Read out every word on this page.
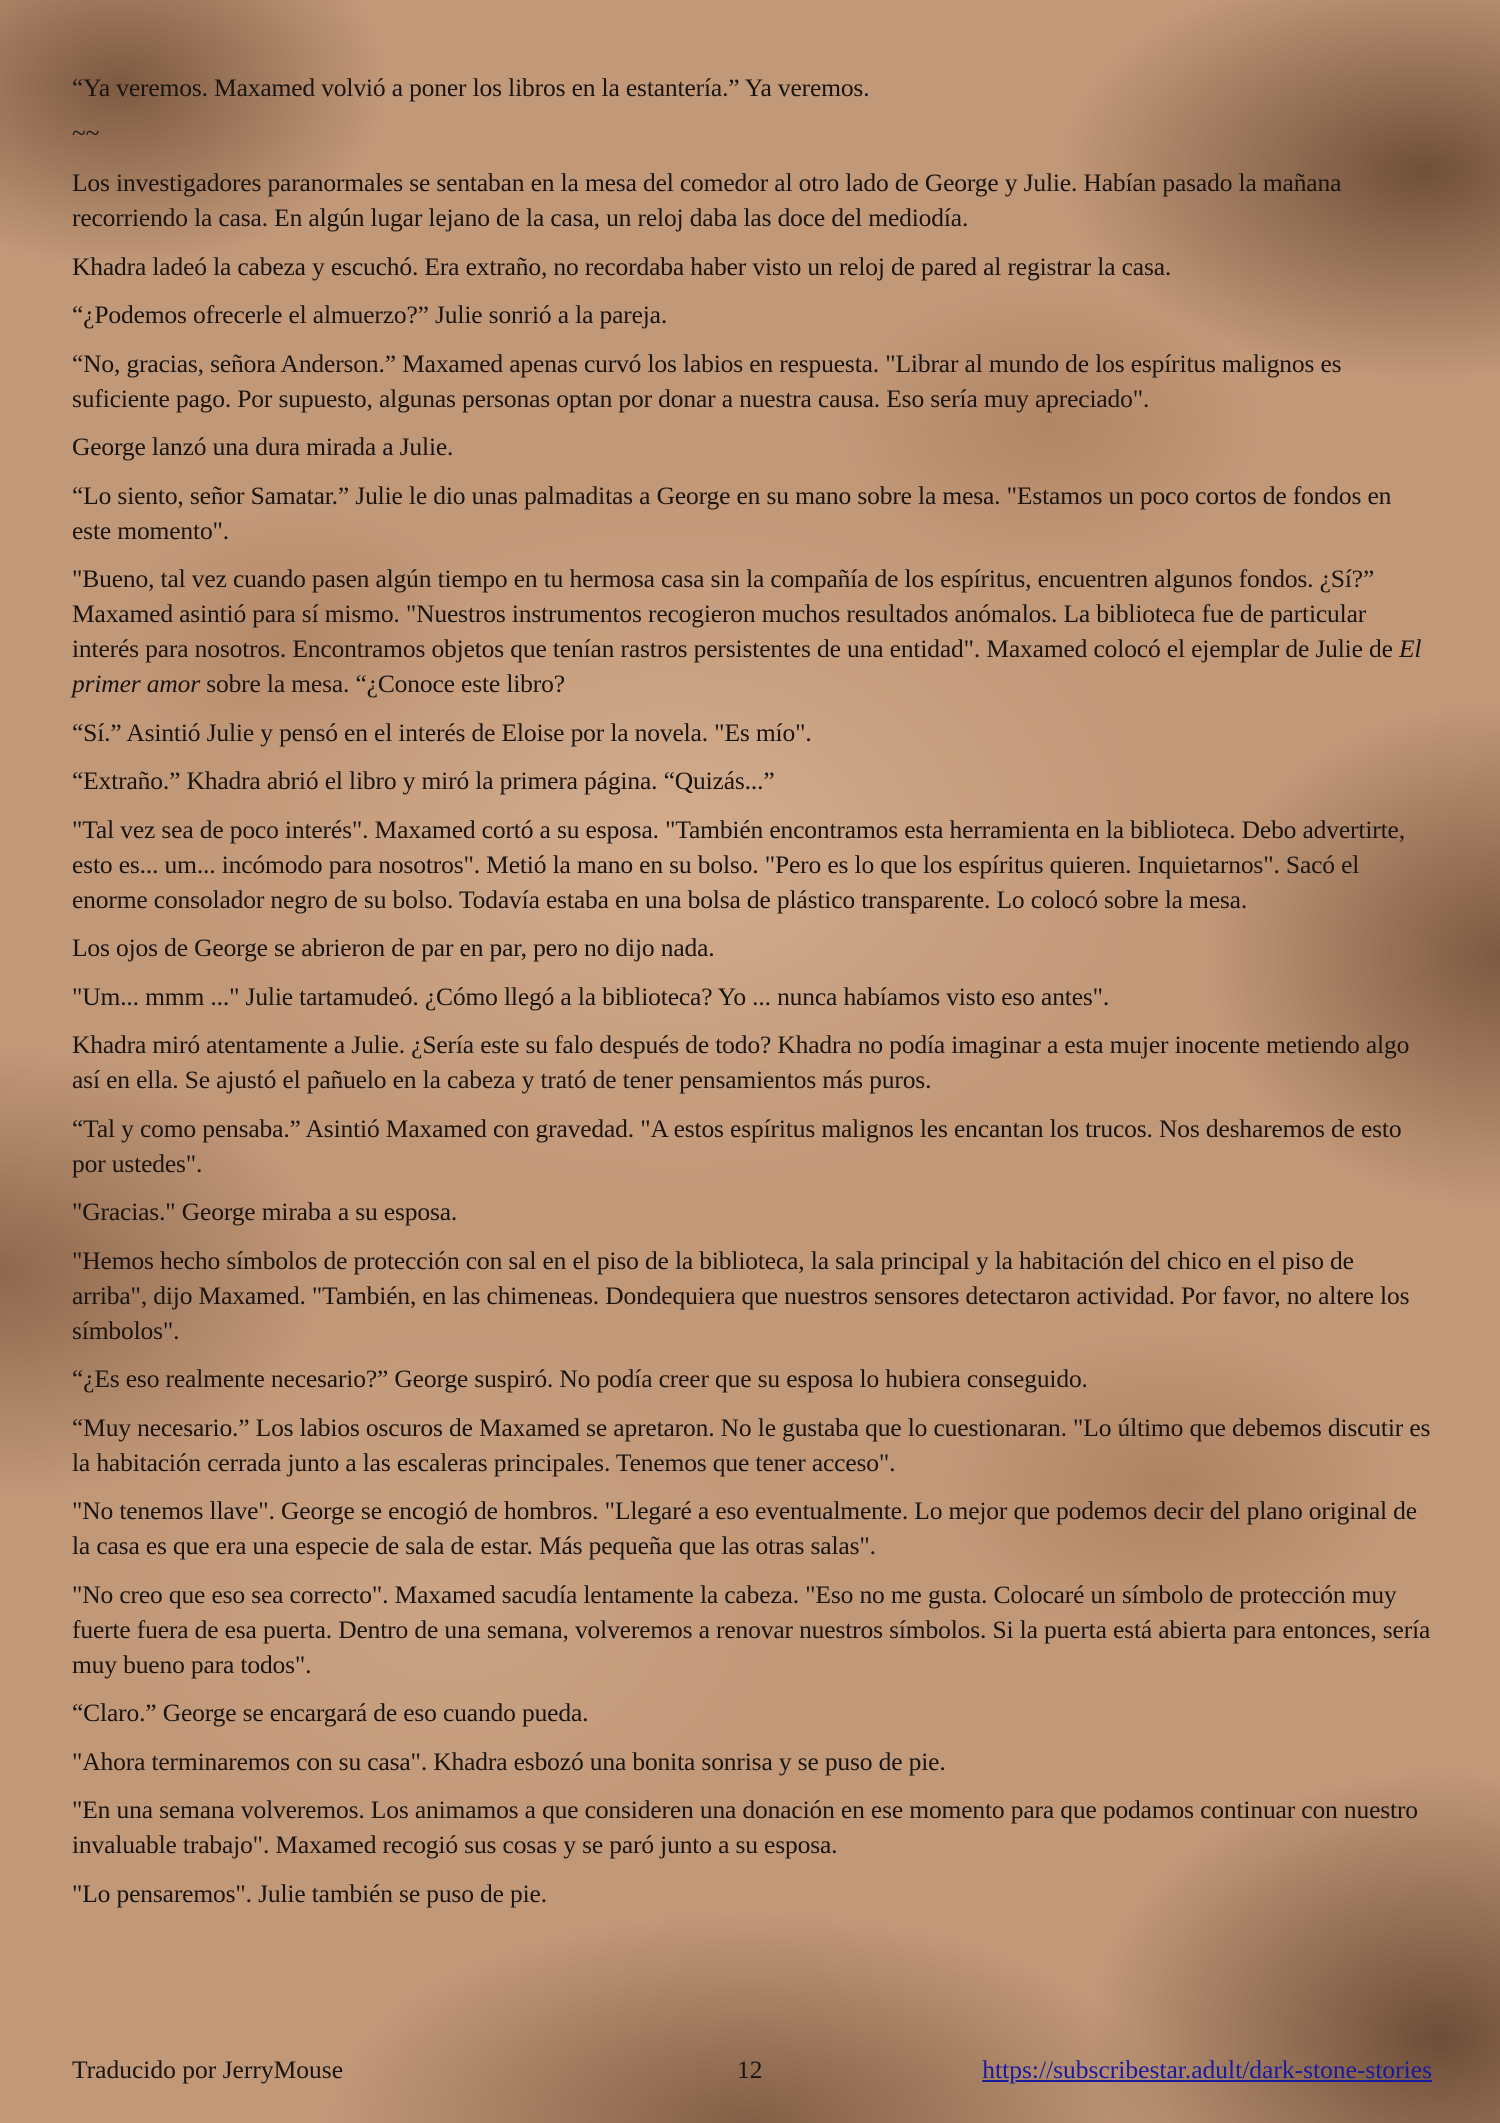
“Ya veremos. Maxamed volvió a poner los libros en la estantería.” Ya veremos.

~~

Los investigadores paranormales se sentaban en la mesa del comedor al otro lado de George y Julie. Habían pasado la mañana recorriendo la casa. En algún lugar lejano de la casa, un reloj daba las doce del mediodía.

Khadra ladeó la cabeza y escuchó. Era extraño, no recordaba haber visto un reloj de pared al registrar la casa.

“¿Podemos ofrecerle el almuerzo?” Julie sonrió a la pareja.

“No, gracias, señora Anderson.” Maxamed apenas curvó los labios en respuesta. "Librar al mundo de los espíritus malignos es suficiente pago. Por supuesto, algunas personas optan por donar a nuestra causa. Eso sería muy apreciado".

George lanzó una dura mirada a Julie.

“Lo siento, señor Samatar.” Julie le dio unas palmaditas a George en su mano sobre la mesa. "Estamos un poco cortos de fondos en este momento".

"Bueno, tal vez cuando pasen algún tiempo en tu hermosa casa sin la compañía de los espíritus, encuentren algunos fondos. ¿Sí?” Maxamed asintió para sí mismo. "Nuestros instrumentos recogieron muchos resultados anómalos. La biblioteca fue de particular interés para nosotros. Encontramos objetos que tenían rastros persistentes de una entidad". Maxamed colocó el ejemplar de Julie de El primer amor sobre la mesa. “¿Conoce este libro?

“Sí.” Asintió Julie y pensó en el interés de Eloise por la novela. "Es mío".

“Extraño.” Khadra abrió el libro y miró la primera página. “Quizás...”

"Tal vez sea de poco interés". Maxamed cortó a su esposa. "También encontramos esta herramienta en la biblioteca. Debo advertirte, esto es... um... incómodo para nosotros". Metió la mano en su bolso. "Pero es lo que los espíritus quieren. Inquietarnos". Sacó el enorme consolador negro de su bolso. Todavía estaba en una bolsa de plástico transparente. Lo colocó sobre la mesa.

Los ojos de George se abrieron de par en par, pero no dijo nada.

"Um... mmm ..." Julie tartamudeó. ¿Cómo llegó a la biblioteca? Yo ... nunca habíamos visto eso antes".

Khadra miró atentamente a Julie. ¿Sería este su falo después de todo? Khadra no podía imaginar a esta mujer inocente metiendo algo así en ella. Se ajustó el pañuelo en la cabeza y trató de tener pensamientos más puros.

“Tal y como pensaba.” Asintió Maxamed con gravedad. "A estos espíritus malignos les encantan los trucos. Nos desharemos de esto por ustedes".

"Gracias." George miraba a su esposa.

"Hemos hecho símbolos de protección con sal en el piso de la biblioteca, la sala principal y la habitación del chico en el piso de arriba", dijo Maxamed. "También, en las chimeneas. Dondequiera que nuestros sensores detectaron actividad. Por favor, no altere los símbolos".

“¿Es eso realmente necesario?” George suspiró. No podía creer que su esposa lo hubiera conseguido.

“Muy necesario.” Los labios oscuros de Maxamed se apretaron. No le gustaba que lo cuestionaran. "Lo último que debemos discutir es la habitación cerrada junto a las escaleras principales. Tenemos que tener acceso".

"No tenemos llave". George se encogió de hombros. "Llegaré a eso eventualmente. Lo mejor que podemos decir del plano original de la casa es que era una especie de sala de estar. Más pequeña que las otras salas".

"No creo que eso sea correcto". Maxamed sacudía lentamente la cabeza. "Eso no me gusta. Colocaré un símbolo de protección muy fuerte fuera de esa puerta. Dentro de una semana, volveremos a renovar nuestros símbolos. Si la puerta está abierta para entonces, sería muy bueno para todos".

“Claro.” George se encargará de eso cuando pueda.

"Ahora terminaremos con su casa". Khadra esbozó una bonita sonrisa y se puso de pie.

"En una semana volveremos. Los animamos a que consideren una donación en ese momento para que podamos continuar con nuestro invaluable trabajo". Maxamed recogió sus cosas y se paró junto a su esposa.

"Lo pensaremos". Julie también se puso de pie.

Traducido por JerryMouse	12	https://subscribestar.adult/dark-stone-stories
